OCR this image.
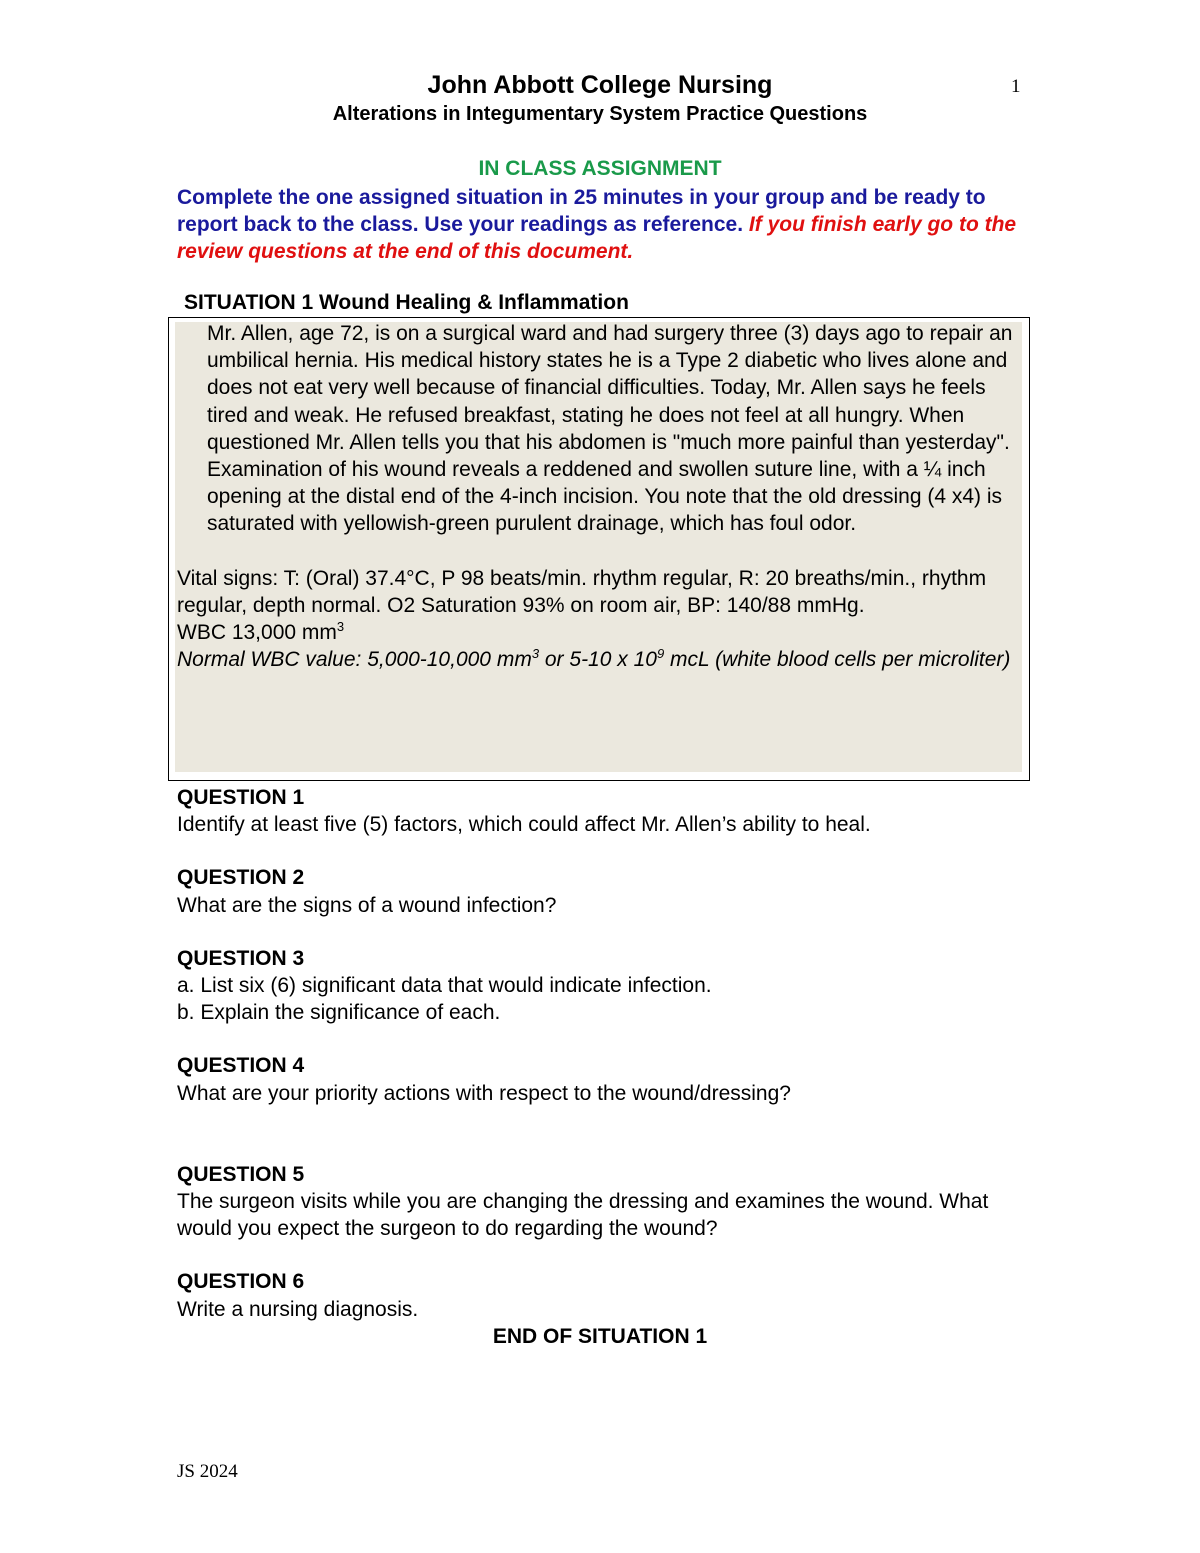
1
John Abbott College Nursing
Alterations in Integumentary System Practice Questions
IN CLASS ASSIGNMENT
Complete the one assigned situation in 25 minutes in your group and be ready to report back to the class. Use your readings as reference. If you finish early go to the review questions at the end of this document.
SITUATION 1 Wound Healing & Inflammation

Mr. Allen, age 72, is on a surgical ward and had surgery three (3) days ago to repair an umbilical hernia. His medical history states he is a Type 2 diabetic who lives alone and does not eat very well because of financial difficulties. Today, Mr. Allen says he feels tired and weak. He refused breakfast, stating he does not feel at all hungry. When questioned Mr. Allen tells you that his abdomen is "much more painful than yesterday". Examination of his wound reveals a reddened and swollen suture line, with a ¼ inch opening at the distal end of the 4-inch incision. You note that the old dressing (4 x4) is saturated with yellowish-green purulent drainage, which has foul odor.

Vital signs: T: (Oral) 37.4°C, P 98 beats/min. rhythm regular, R: 20 breaths/min., rhythm regular, depth normal. O2 Saturation 93% on room air, BP: 140/88 mmHg.

WBC 13,000 $mm^3$

Normal WBC value: 5,000-10,000 $mm^3$ or 5-10 x $10^9$ mcL (white blood cells per microliter)

QUESTION 1
Identify at least five (5) factors, which could affect Mr. Allen’s ability to heal.
QUESTION 2
What are the signs of a wound infection?
QUESTION 3
a. List six (6) significant data that would indicate infection.
b. Explain the significance of each.
QUESTION 4
What are your priority actions with respect to the wound/dressing?
QUESTION 5
The surgeon visits while you are changing the dressing and examines the wound. What would you expect the surgeon to do regarding the wound?
QUESTION 6
Write a nursing diagnosis.
END OF SITUATION 1
JS 2024
